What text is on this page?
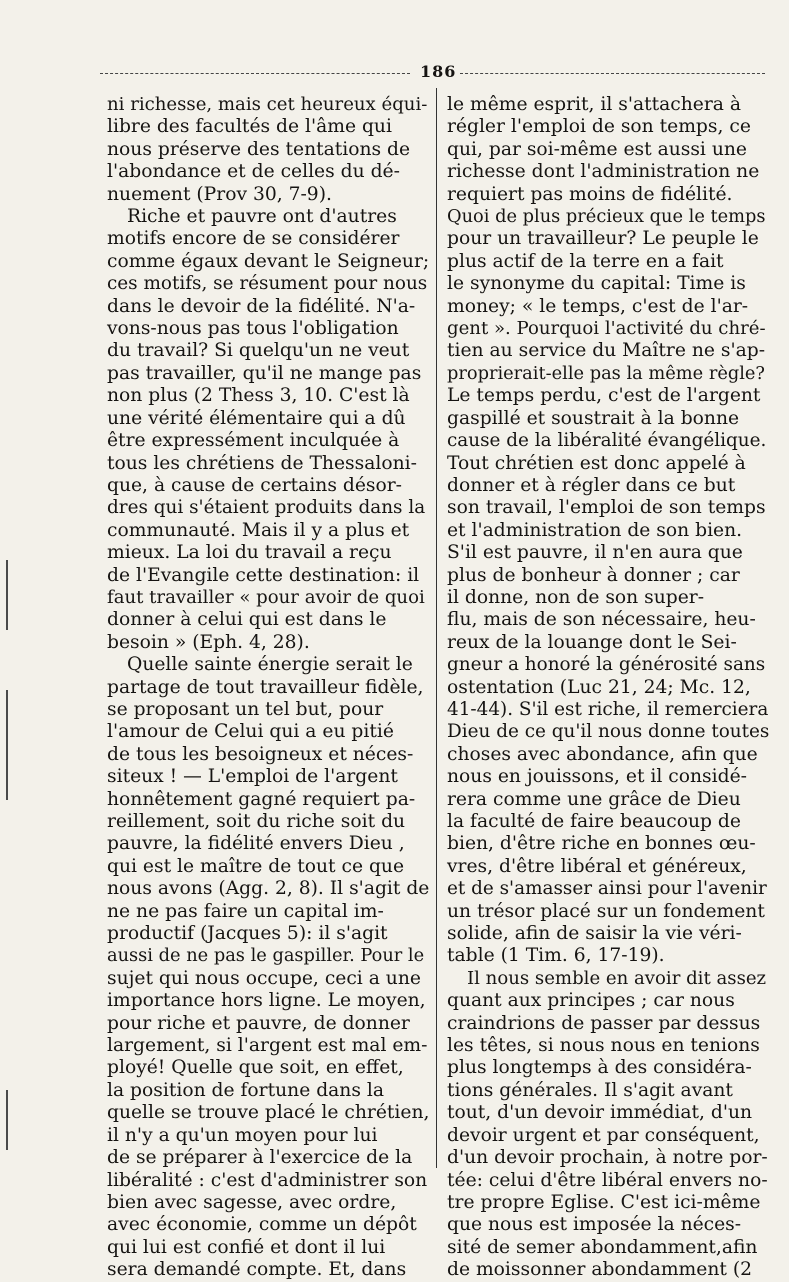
186
ni richesse, mais cet heureux équi-
libre des facultés de l'âme qui
nous préserve des tentations de
l'abondance et de celles du dé-
nuement (Prov 30, 7-9).
Riche et pauvre ont d'autres
motifs encore de se considérer
comme égaux devant le Seigneur;
ces motifs, se résument pour nous
dans le devoir de la fidélité. N'a-
vons-nous pas tous l'obligation
du travail? Si quelqu'un ne veut
pas travailler, qu'il ne mange pas
non plus (2 Thess 3, 10. C'est là
une vérité élémentaire qui a dû
être expressément inculquée à
tous les chrétiens de Thessaloni-
que, à cause de certains désor-
dres qui s'étaient produits dans la
communauté. Mais il y a plus et
mieux. La loi du travail a reçu
de l'Evangile cette destination: il
faut travailler « pour avoir de quoi
donner à celui qui est dans le
besoin » (Eph. 4, 28).
Quelle sainte énergie serait le
partage de tout travailleur fidèle,
se proposant un tel but, pour
l'amour de Celui qui a eu pitié
de tous les besoigneux et néces-
siteux ! — L'emploi de l'argent
honnêtement gagné requiert pa-
reillement, soit du riche soit du
pauvre, la fidélité envers Dieu ,
qui est le maître de tout ce que
nous avons (Agg. 2, 8). Il s'agit de
ne ne pas faire un capital im-
productif (Jacques 5): il s'agit
aussi de ne pas le gaspiller. Pour le
sujet qui nous occupe, ceci a une
importance hors ligne. Le moyen,
pour riche et pauvre, de donner
largement, si l'argent est mal em-
ployé! Quelle que soit, en effet,
la position de fortune dans la
quelle se trouve placé le chrétien,
il n'y a qu'un moyen pour lui
de se préparer à l'exercice de la
libéralité : c'est d'administrer son
bien avec sagesse, avec ordre,
avec économie, comme un dépôt
qui lui est confié et dont il lui
sera demandé compte. Et, dans
le même esprit, il s'attachera à
régler l'emploi de son temps, ce
qui, par soi-même est aussi une
richesse dont l'administration ne
requiert pas moins de fidélité.
Quoi de plus précieux que le temps
pour un travailleur? Le peuple le
plus actif de la terre en a fait
le synonyme du capital: Time is
money; « le temps, c'est de l'ar-
gent ». Pourquoi l'activité du chré-
tien au service du Maître ne s'ap-
proprierait-elle pas la même règle?
Le temps perdu, c'est de l'argent
gaspillé et soustrait à la bonne
cause de la libéralité évangélique.
Tout chrétien est donc appelé à
donner et à régler dans ce but
son travail, l'emploi de son temps
et l'administration de son bien.
S'il est pauvre, il n'en aura que
plus de bonheur à donner ; car
il donne, non de son super-
flu, mais de son nécessaire, heu-
reux de la louange dont le Sei-
gneur a honoré la générosité sans
ostentation (Luc 21, 24; Mc. 12,
41-44). S'il est riche, il remerciera
Dieu de ce qu'il nous donne toutes
choses avec abondance, afin que
nous en jouissons, et il considé-
rera comme une grâce de Dieu
la faculté de faire beaucoup de
bien, d'être riche en bonnes œu-
vres, d'être libéral et généreux,
et de s'amasser ainsi pour l'avenir
un trésor placé sur un fondement
solide, afin de saisir la vie véri-
table (1 Tim. 6, 17-19).
Il nous semble en avoir dit assez
quant aux principes ; car nous
craindrions de passer par dessus
les têtes, si nous nous en tenions
plus longtemps à des considéra-
tions générales. Il s'agit avant
tout, d'un devoir immédiat, d'un
devoir urgent et par conséquent,
d'un devoir prochain, à notre por-
tée: celui d'être libéral envers no-
tre propre Eglise. C'est ici-même
que nous est imposée la néces-
sité de semer abondamment,afin
de moissonner abondamment (2
